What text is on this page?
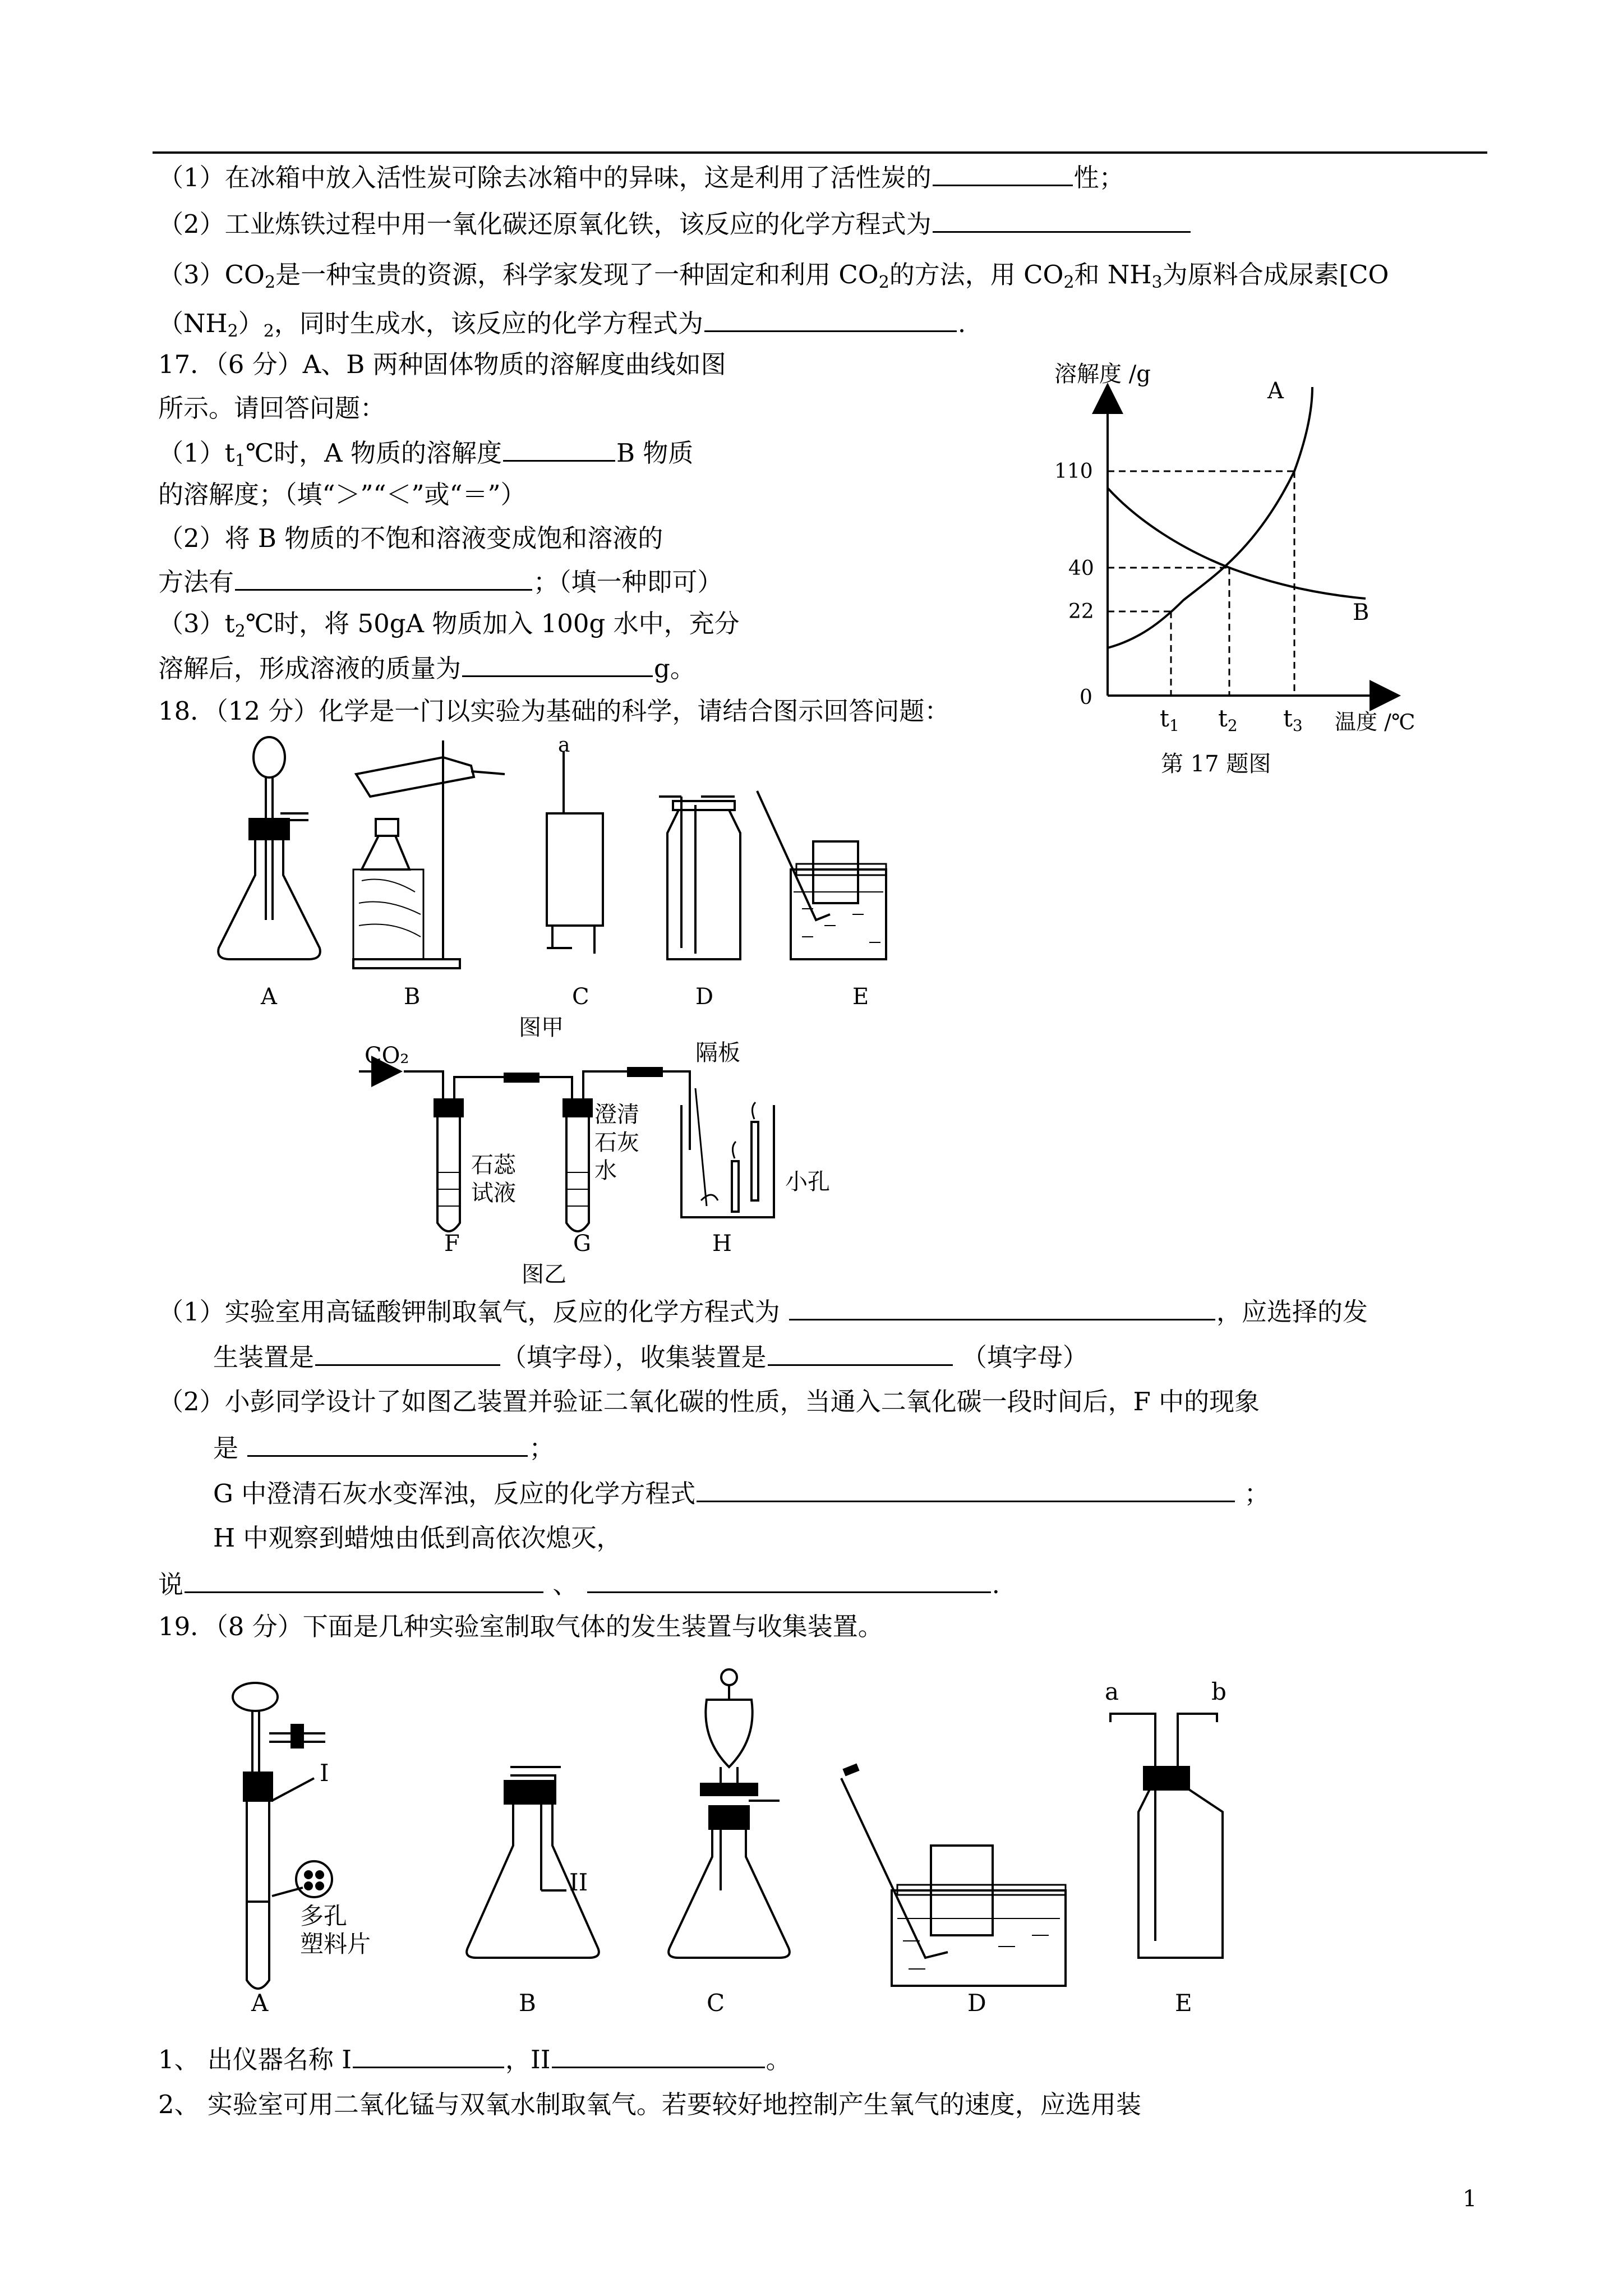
（1）在冰箱中放入活性炭可除去冰箱中的异味，这是利用了活性炭的	性；
（2）工业炼铁过程中用一氧化碳还原氧化铁，该反应的化学方程式为
$(3)CO_2$是一种宝贵的资源，科学家发现了一种固定和利用 $CO_2$的方法，用 $CO_2$和 $NH_3$为原料合成尿素[CO
$(NH_2)_2$，同时生成水，该反应的化学方程式为	.
17．（6 分）A、B 两种固体物质的溶解度曲线如图
所示。请回答问题：
$(1)t_1℃$时，A 物质的溶解度	B 物质
的溶解度；（填“＞”“＜”或“＝”）
（2）将 B 物质的不饱和溶液变成饱和溶液的
方法有	；（填一种即可）
$(3)t_2℃$时，将 50gA 物质加入 100g 水中，充分
溶解后，形成溶液的质量为	g。
溶解度 /g
0
22
40
110
A
B
t1 t2 t3 温度 /℃
第 17 题图
18．（12 分）化学是一门以实验为基础的科学，请结合图示回答问题：
A	B	C	D	E
a
图甲
CO₂	隔板
石蕊
试液
澄清
石灰
水	小孔
F	G	H
图乙
（1）实验室用高锰酸钾制取氧气，反应的化学方程式为	，应选择的发
生装置是	（填字母），收集装置是	（填字母）
（2）小彭同学设计了如图乙装置并验证二氧化碳的性质，当通入二氧化碳一段时间后，F 中的现象
是	；
G 中澄清石灰水变浑浊，反应的化学方程式	；
H 中观察到蜡烛由低到高依次熄灭，
说	、	.
19．（8 分）下面是几种实验室制取气体的发生装置与收集装置。
I
II
多孔
塑料片
a	b
A	B	C	D	E
1、 出仪器名称 I	，II	。
2、 实验室可用二氧化锰与双氧水制取氧气。若要较好地控制产生氧气的速度，应选用装
1
